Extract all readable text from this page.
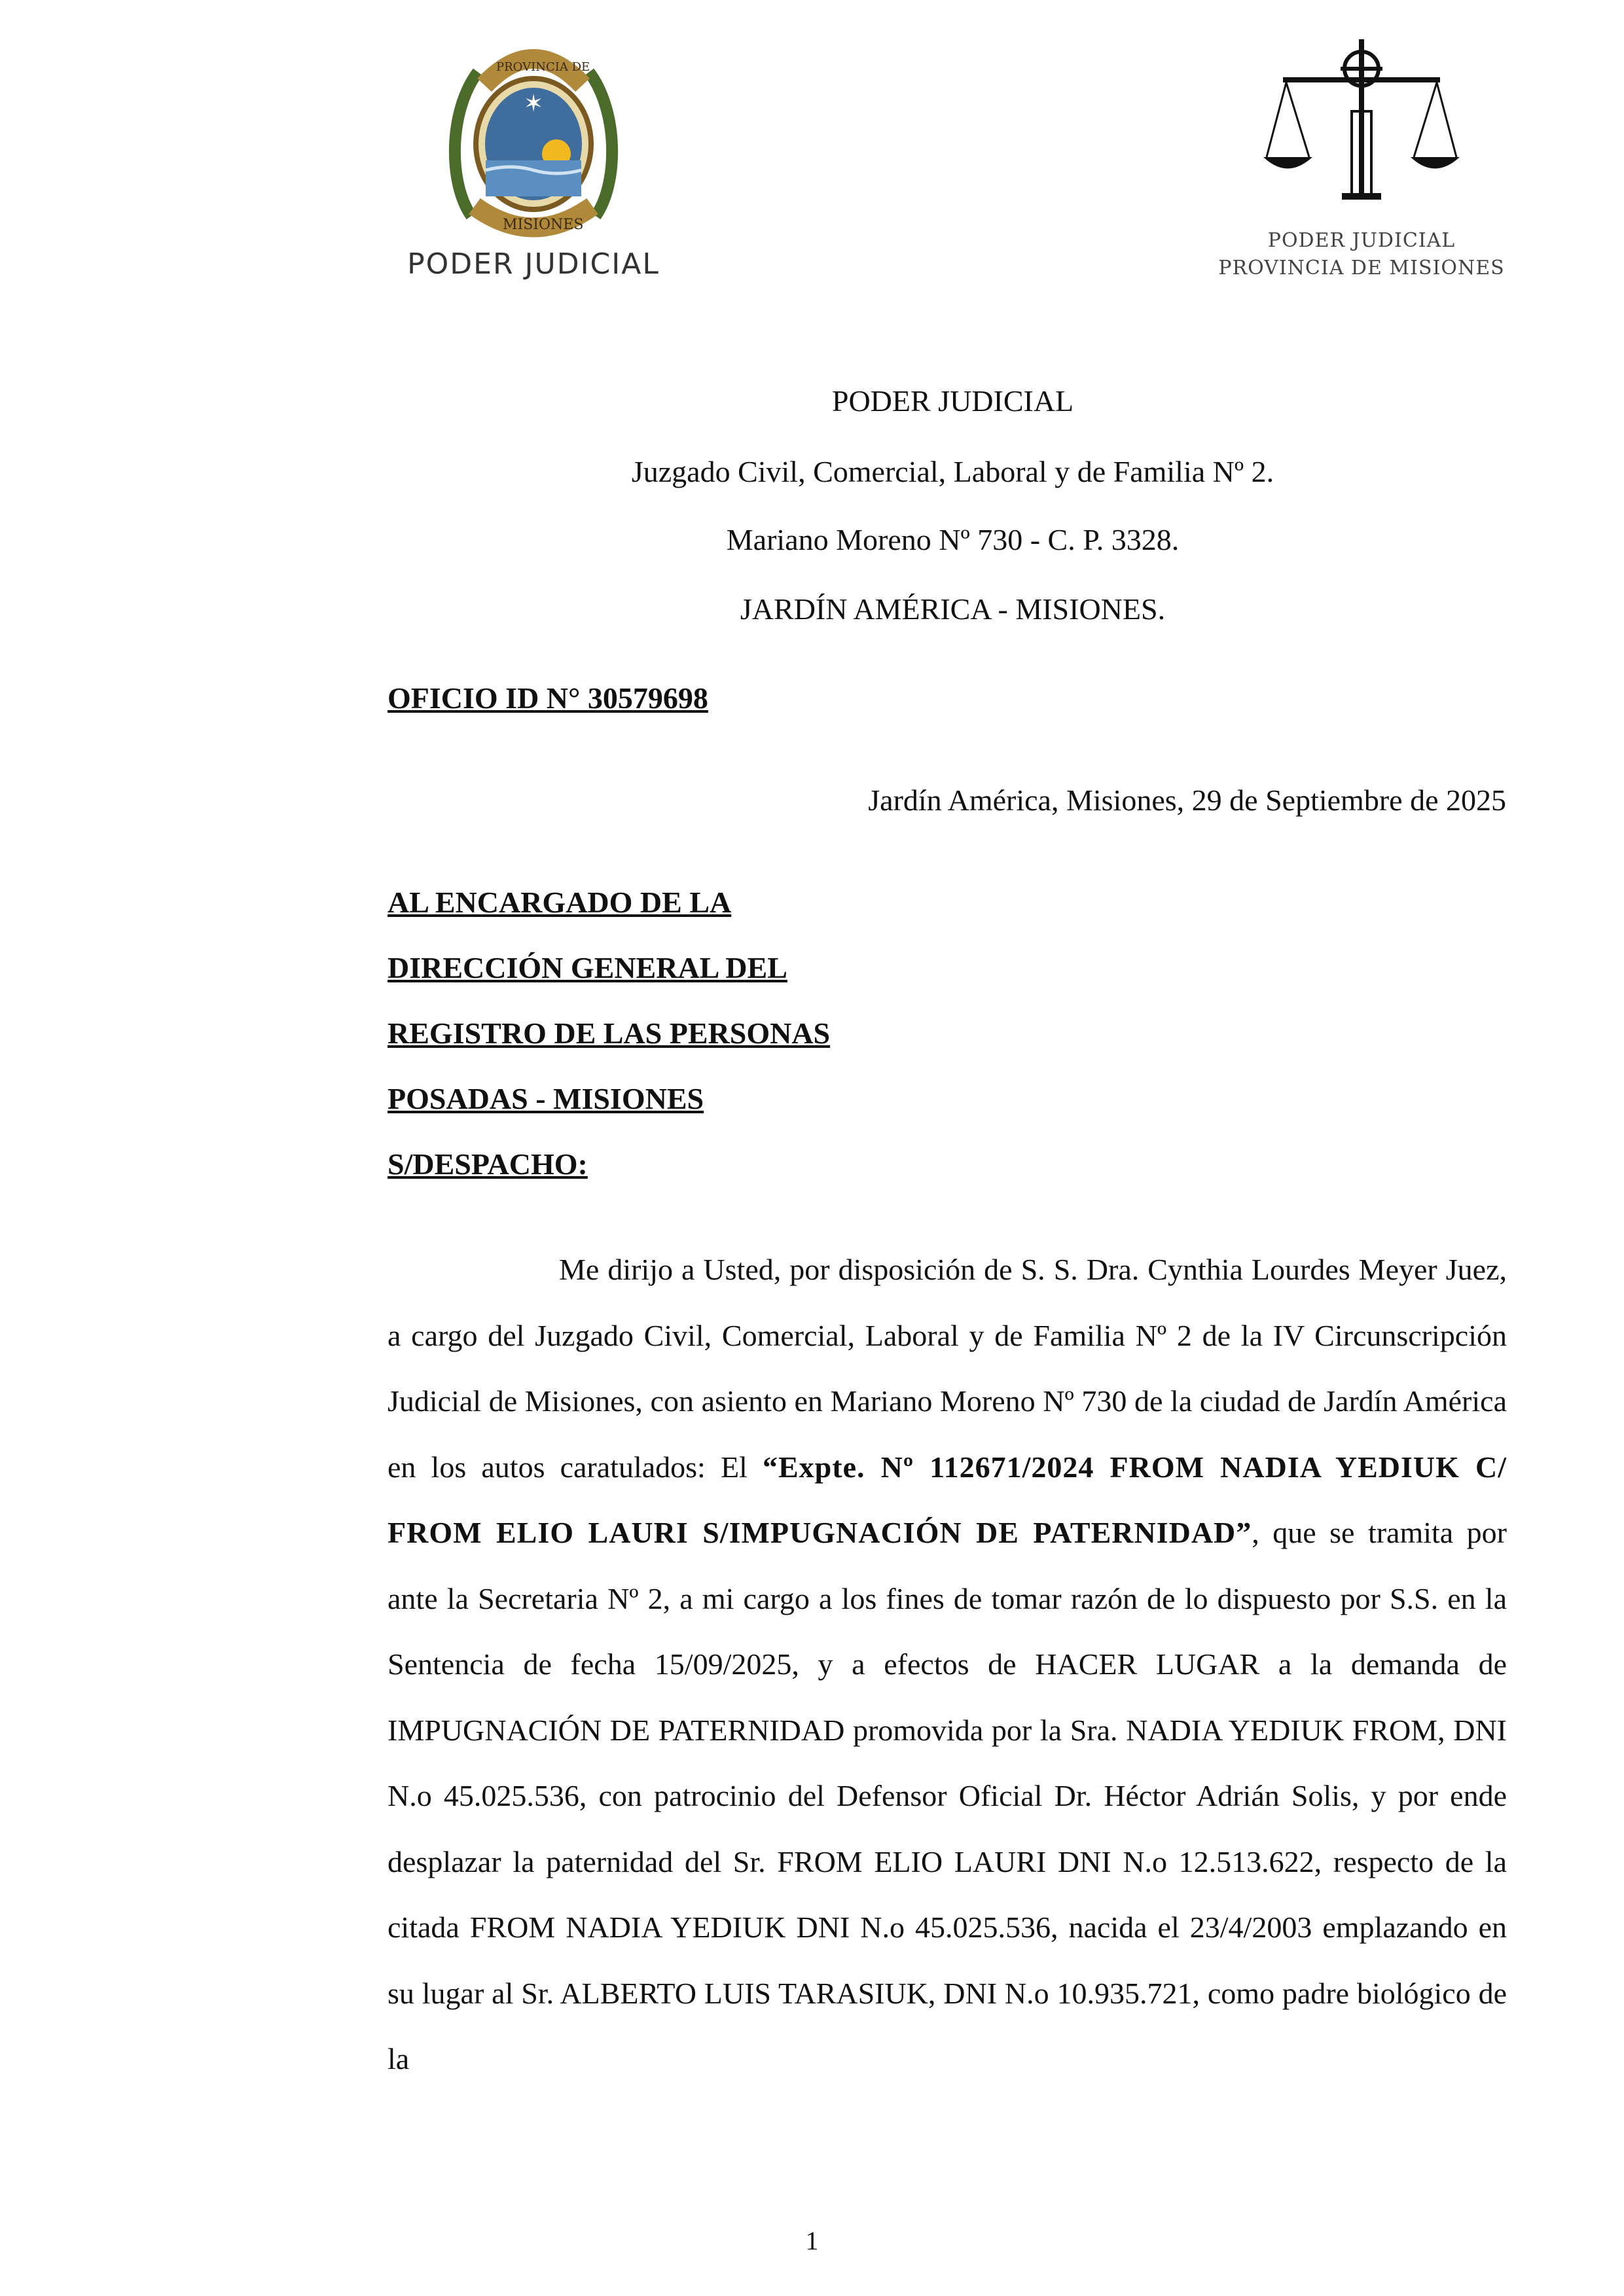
✶
PROVINCIA DE
MISIONES
PODER JUDICIAL
PODER JUDICIAL
PROVINCIA DE MISIONES
PODER JUDICIAL
Juzgado Civil, Comercial, Laboral y de Familia Nº 2.
Mariano Moreno Nº 730 - C. P. 3328.
JARDÍN AMÉRICA - MISIONES.
OFICIO ID N° 30579698
Jardín América, Misiones, 29 de Septiembre de 2025
AL ENCARGADO DE LA
DIRECCIÓN GENERAL DEL
REGISTRO DE LAS PERSONAS
POSADAS - MISIONES
S/DESPACHO:
Me dirijo a Usted, por disposición de S. S. Dra. Cynthia Lourdes Meyer Juez, a cargo del Juzgado Civil, Comercial, Laboral y de Familia Nº 2 de la IV Circunscripción Judicial de Misiones, con asiento en Mariano Moreno Nº 730 de la ciudad de Jardín América en los autos caratulados: El “Expte. Nº 112671/2024 FROM NADIA YEDIUK C/ FROM ELIO LAURI S/IMPUGNACIÓN DE PATERNIDAD”, que se tramita por ante la Secretaria Nº 2, a mi cargo a los fines de tomar razón de lo dispuesto por S.S. en la Sentencia de fecha 15/09/2025, y a efectos de HACER LUGAR a la demanda de IMPUGNACIÓN DE PATERNIDAD promovida por la Sra. NADIA YEDIUK FROM, DNI N.o 45.025.536, con patrocinio del Defensor Oficial Dr. Héctor Adrián Solis, y por ende desplazar la paternidad del Sr. FROM ELIO LAURI DNI N.o 12.513.622, respecto de la citada FROM NADIA YEDIUK DNI N.o 45.025.536, nacida el 23/4/2003 emplazando en su lugar al Sr. ALBERTO LUIS TARASIUK, DNI N.o 10.935.721, como padre biológico de la
1
